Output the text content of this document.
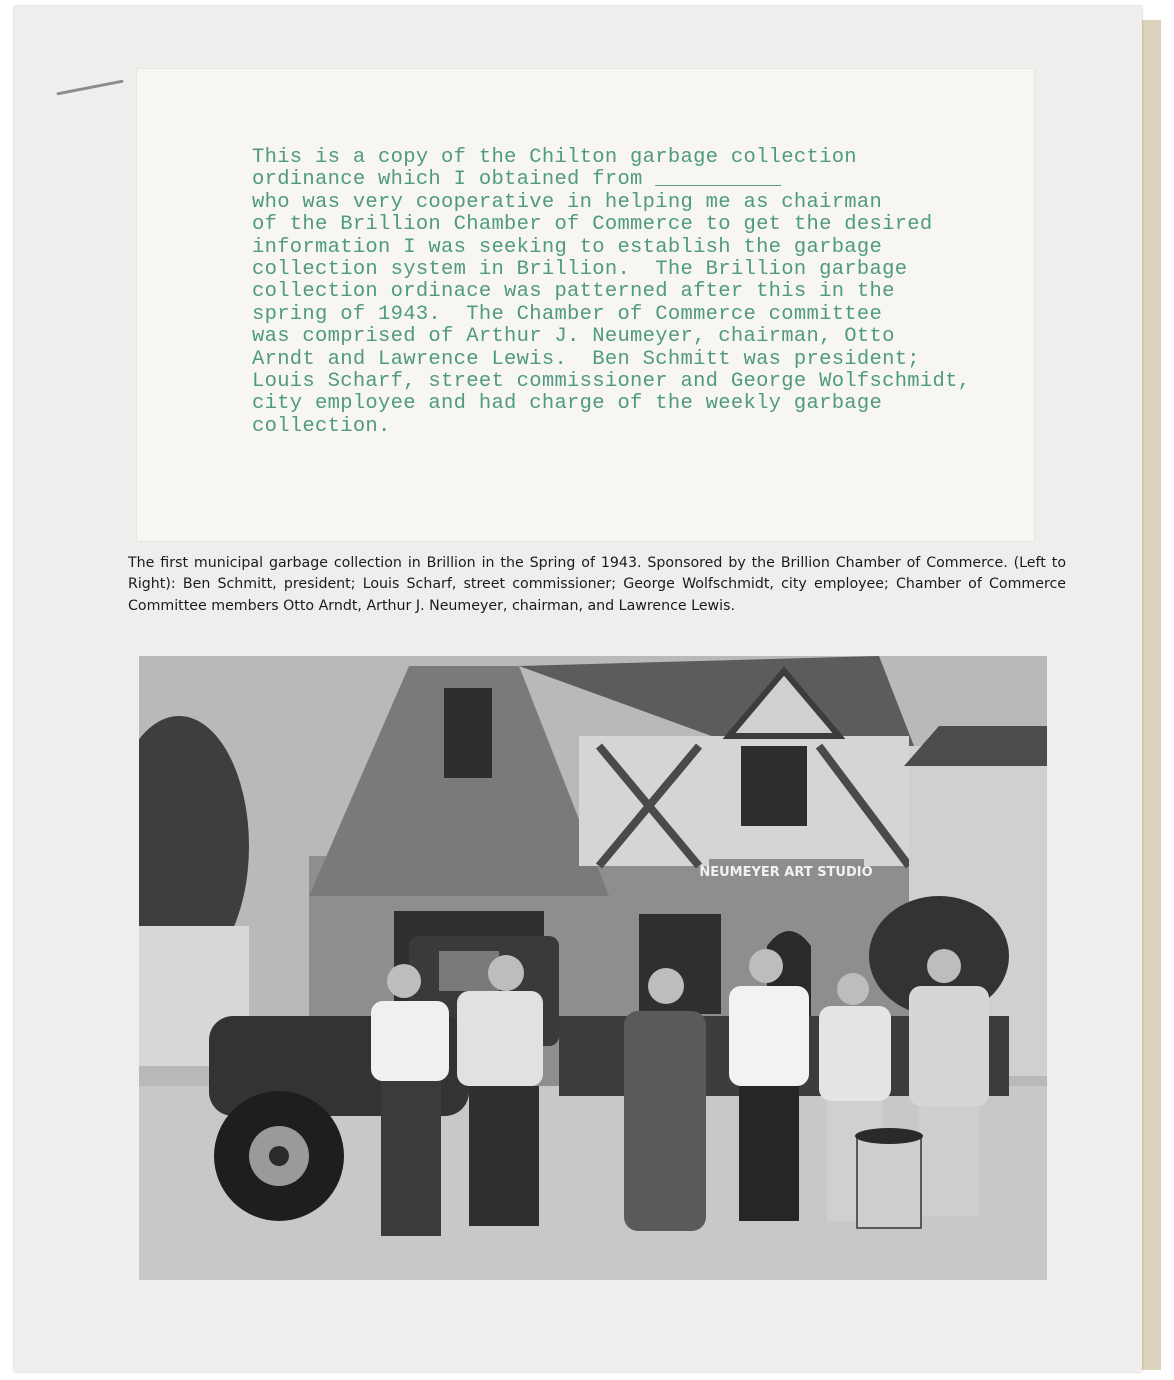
This is a copy of the Chilton garbage collection
ordinance which I obtained from __________
who was very cooperative in helping me as chairman
of the Brillion Chamber of Commerce to get the desired
information I was seeking to establish the garbage
collection system in Brillion.  The Brillion garbage
collection ordinace was patterned after this in the
spring of 1943.  The Chamber of Commerce committee
was comprised of Arthur J. Neumeyer, chairman, Otto
Arndt and Lawrence Lewis.  Ben Schmitt was president;
Louis Scharf, street commissioner and George Wolfschmidt,
city employee and had charge of the weekly garbage
collection.

The first municipal garbage collection in Brillion in the Spring of 1943. Sponsored by the Brillion Chamber of Commerce. (Left to Right): Ben Schmitt, president; Louis Scharf, street commissioner; George Wolfschmidt, city employee; Chamber of Commerce Committee members Otto Arndt, Arthur J. Neumeyer, chairman, and Lawrence Lewis.

NEUMEYER ART STUDIO
